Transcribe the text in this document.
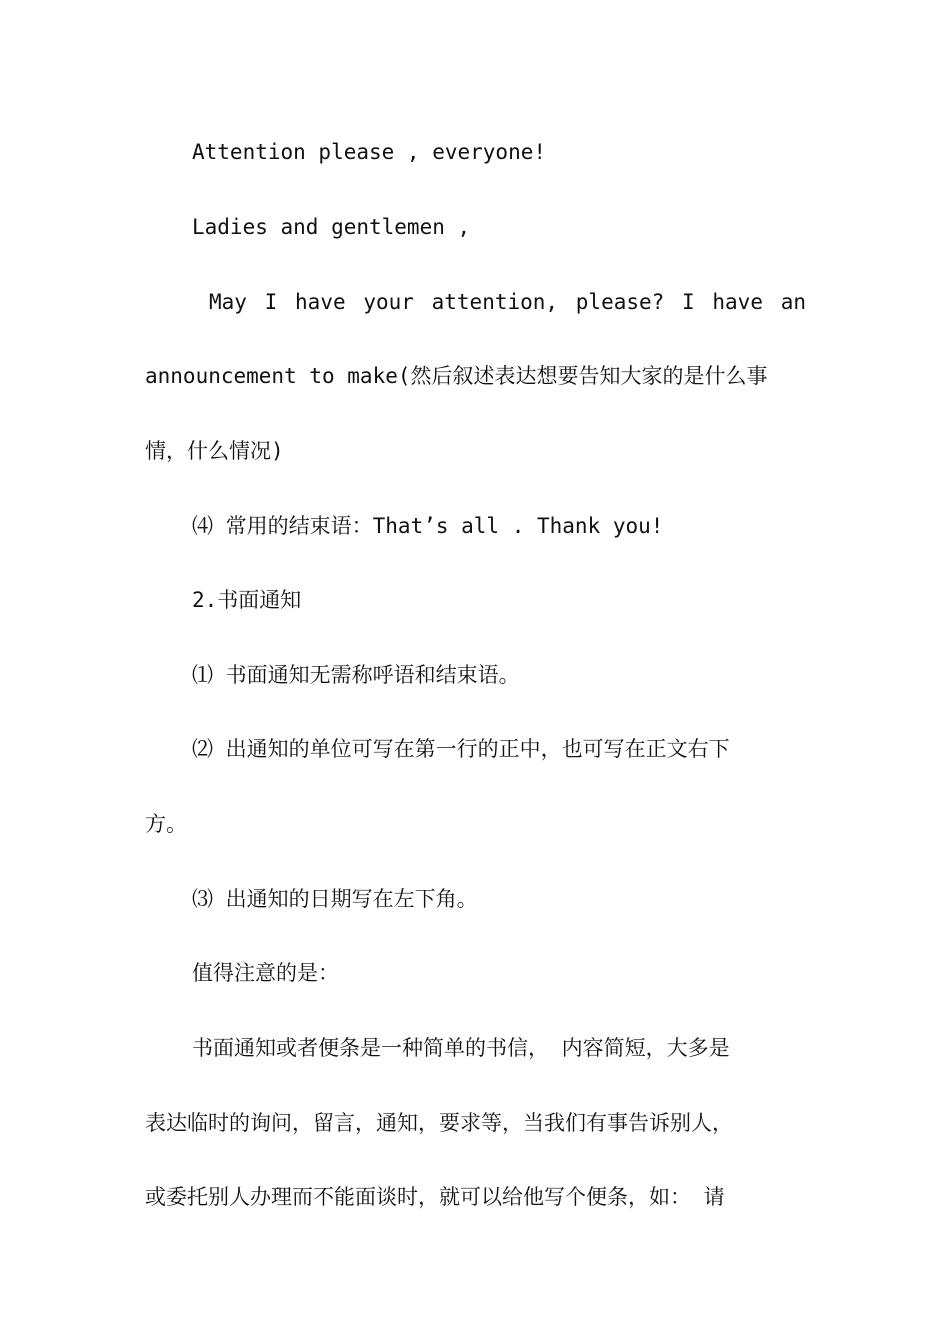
Attention please , everyone!
Ladies and gentlemen ,
May I have your attention, please? I have an
announcement to make(然后叙述表达想要告知大家的是什么事
情，什么情况)
⑷ 常用的结束语：That’s all . Thank you!
2.书面通知
⑴ 书面通知无需称呼语和结束语。
⑵ 出通知的单位可写在第一行的正中，也可写在正文右下
方。
⑶ 出通知的日期写在左下角。
值得注意的是：
书面通知或者便条是一种简单的书信， 内容简短，大多是
表达临时的询问，留言，通知，要求等，当我们有事告诉别人，
或委托别人办理而不能面谈时，就可以给他写个便条，如： 请
